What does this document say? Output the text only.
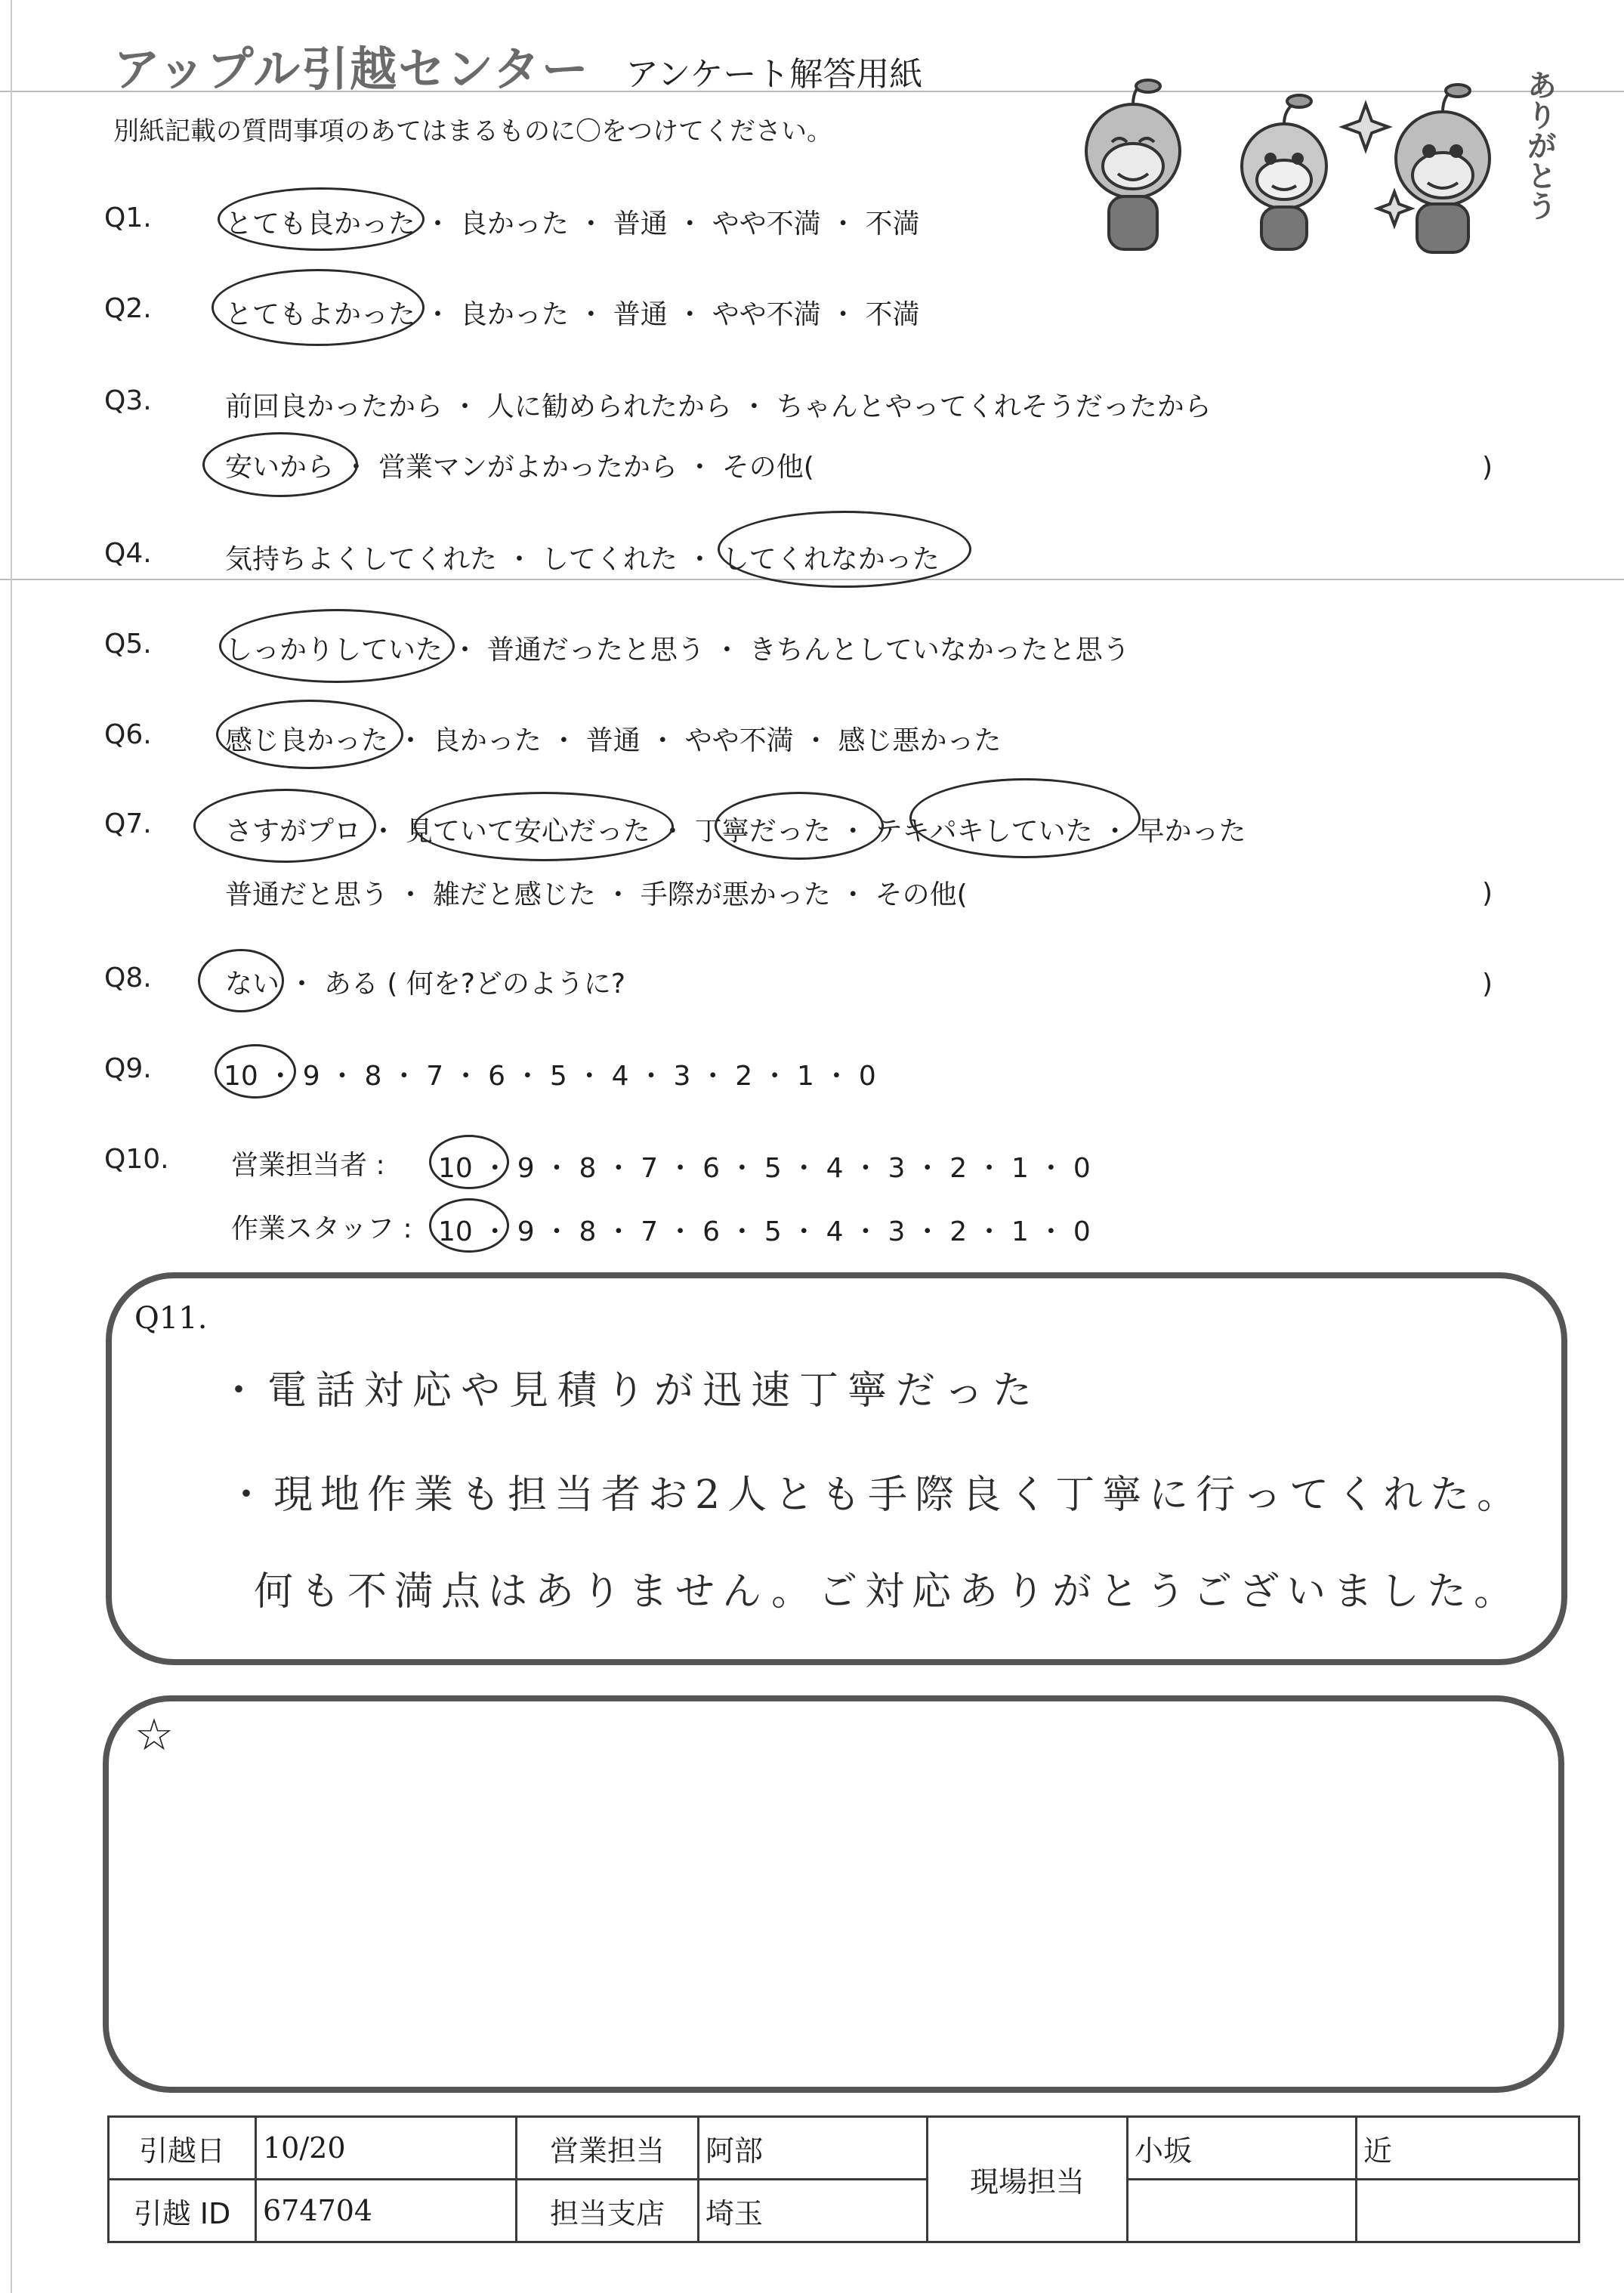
アップル引越センター アンケート解答用紙
別紙記載の質問事項のあてはまるものに〇をつけてください。	ありがとう
Q1.	とても良かった ・ 良かった ・ 普通 ・ やや不満 ・ 不満
Q2.	とてもよかった ・ 良かった ・ 普通 ・ やや不満 ・ 不満
Q3.	前回良かったから ・ 人に勧められたから ・ ちゃんとやってくれそうだったから
安いから ・ 営業マンがよかったから ・ その他(	)
Q4.	気持ちよくしてくれた ・ してくれた ・ してくれなかった
Q5.	しっかりしていた ・ 普通だったと思う ・ きちんとしていなかったと思う
Q6.	感じ良かった ・ 良かった ・ 普通 ・ やや不満 ・ 感じ悪かった
Q7.	さすがプロ ・ 見ていて安心だった ・ 丁寧だった ・ テキパキしていた ・ 早かった
普通だと思う ・ 雑だと感じた ・ 手際が悪かった ・ その他(	)
Q8.	ない ・ ある ( 何を?どのように?	)
Q9.	10 ・ 9 ・ 8 ・ 7 ・ 6 ・ 5 ・ 4 ・ 3 ・ 2 ・ 1 ・ 0
Q10. 営業担当者 : 10 ・ 9 ・ 8 ・ 7 ・ 6 ・ 5 ・ 4 ・ 3 ・ 2 ・ 1 ・ 0
作業スタッフ : 10 ・ 9 ・ 8 ・ 7 ・ 6 ・ 5 ・ 4 ・ 3 ・ 2 ・ 1 ・ 0
Q11.
・電話対応や見積りが迅速丁寧だった
・現地作業も担当者お2人とも手際良く丁寧に行ってくれた。
何も不満点はありません。ご対応ありがとうございました。
☆
引越日	10/20	営業担当	阿部	現場担当	小坂	近
引越 ID	674704	担当支店	埼玉			
